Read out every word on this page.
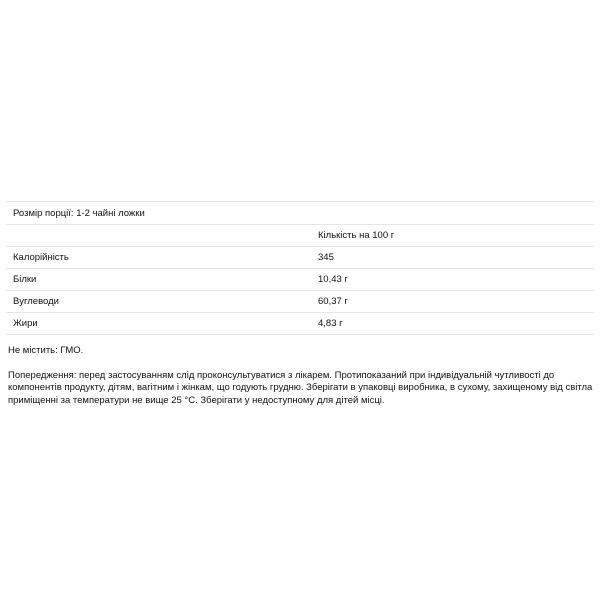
Розмір порції: 1-2 чайні ложки	
	Кількість на 100 г
Калорійність	345
Білки	10,43 г
Вуглеводи	60,37 г
Жири	4,83 г

Не містить: ГМО.

Попередження: перед застосуванням слід проконсультуватися з лікарем. Протипоказаний при індивідуальній чутливості до компонентів продукту, дітям, вагітним і жінкам, що годують грудню. Зберігати в упаковці виробника, в сухому, захищеному від світла приміщенні за температури не вище 25 °C. Зберігати у недоступному для дітей місці.
